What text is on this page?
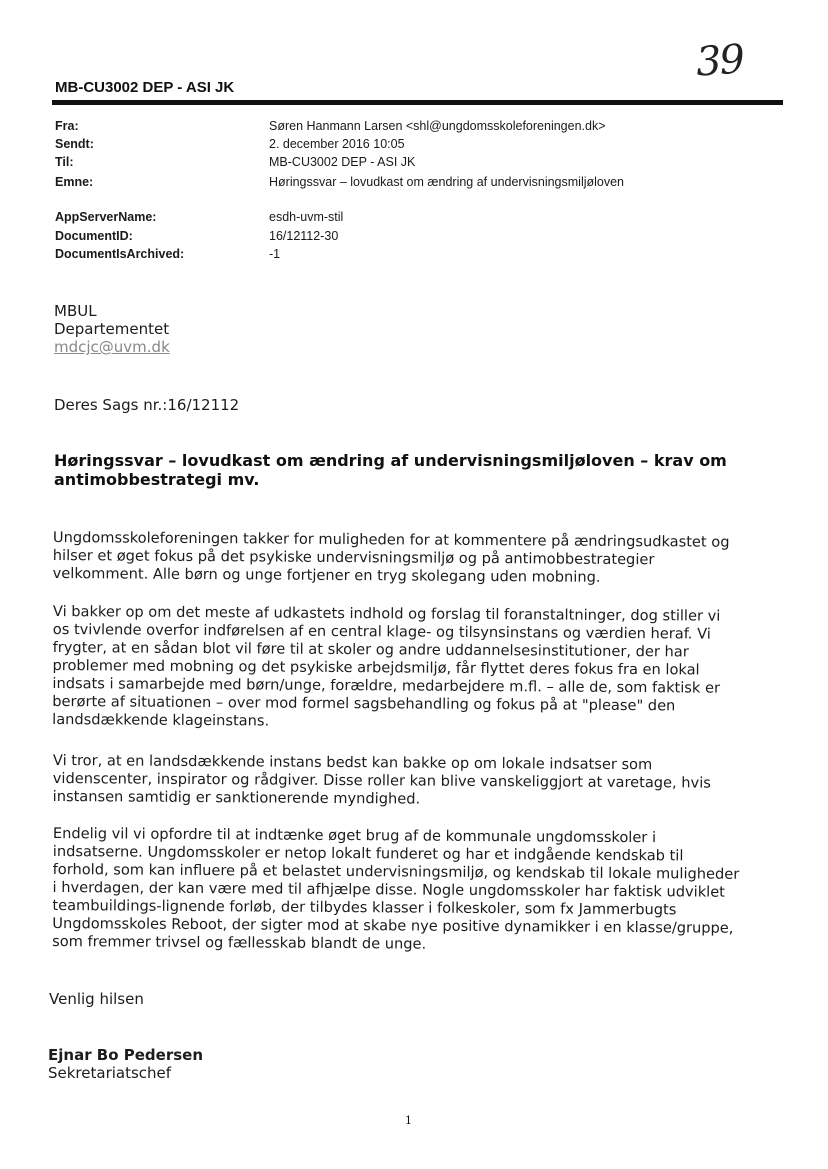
39
MB-CU3002 DEP - ASI JK
Fra:	Søren Hanmann Larsen <shl@ungdomsskoleforeningen.dk>
Sendt:	2. december 2016 10:05
Til:	MB-CU3002 DEP - ASI JK
Emne:	Høringssvar – lovudkast om ændring af undervisningsmiljøloven
AppServerName:	esdh-uvm-stil
DocumentID:	16/12112-30
DocumentIsArchived:	-1
MBUL
Departementet
mdcjc@uvm.dk
Deres Sags nr.:16/12112
Høringssvar – lovudkast om ændring af undervisningsmiljøloven – krav om
antimobbestrategi mv.
Ungdomsskoleforeningen takker for muligheden for at kommentere på ændringsudkastet og
hilser et øget fokus på det psykiske undervisningsmiljø og på antimobbestrategier
velkomment. Alle børn og unge fortjener en tryg skolegang uden mobning.
Vi bakker op om det meste af udkastets indhold og forslag til foranstaltninger, dog stiller vi
os tvivlende overfor indførelsen af en central klage- og tilsynsinstans og værdien heraf. Vi
frygter, at en sådan blot vil føre til at skoler og andre uddannelsesinstitutioner, der har
problemer med mobning og det psykiske arbejdsmiljø, får flyttet deres fokus fra en lokal
indsats i samarbejde med børn/unge, forældre, medarbejdere m.fl. – alle de, som faktisk er
berørte af situationen – over mod formel sagsbehandling og fokus på at "please" den
landsdækkende klageinstans.
Vi tror, at en landsdækkende instans bedst kan bakke op om lokale indsatser som
videnscenter, inspirator og rådgiver. Disse roller kan blive vanskeliggjort at varetage, hvis
instansen samtidig er sanktionerende myndighed.
Endelig vil vi opfordre til at indtænke øget brug af de kommunale ungdomsskoler i
indsatserne. Ungdomsskoler er netop lokalt funderet og har et indgående kendskab til
forhold, som kan influere på et belastet undervisningsmiljø, og kendskab til lokale muligheder
i hverdagen, der kan være med til afhjælpe disse. Nogle ungdomsskoler har faktisk udviklet
teambuildings-lignende forløb, der tilbydes klasser i folkeskoler, som fx Jammerbugts
Ungdomsskoles Reboot, der sigter mod at skabe nye positive dynamikker i en klasse/gruppe,
som fremmer trivsel og fællesskab blandt de unge.
Venlig hilsen
Ejnar Bo Pedersen
Sekretariatschef
1
